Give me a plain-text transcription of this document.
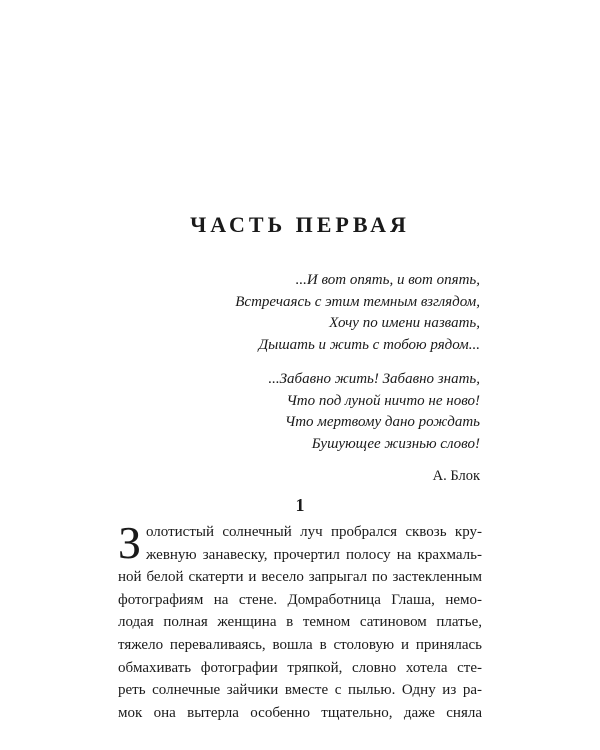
ЧАСТЬ ПЕРВАЯ

...И вот опять, и вот опять,
Встречаясь с этим темным взглядом,
Хочу по имени назвать,
Дышать и жить с тобою рядом...

...Забавно жить! Забавно знать,
Что под луной ничто не ново!
Что мертвому дано рождать
Бушующее жизнью слово!

А. Блок
1
З олотистый солнечный луч пробрался сквозь кру-
жевную занавеску, прочертил полосу на крахмаль-
ной белой скатерти и весело запрыгал по застекленным
фотографиям на стене. Домработница Глаша, немо-
лодая полная женщина в темном сатиновом платье,
тяжело переваливаясь, вошла в столовую и принялась
обмахивать фотографии тряпкой, словно хотела сте-
реть солнечные зайчики вместе с пылью. Одну из ра-
мок она вытерла особенно тщательно, даже сняла
